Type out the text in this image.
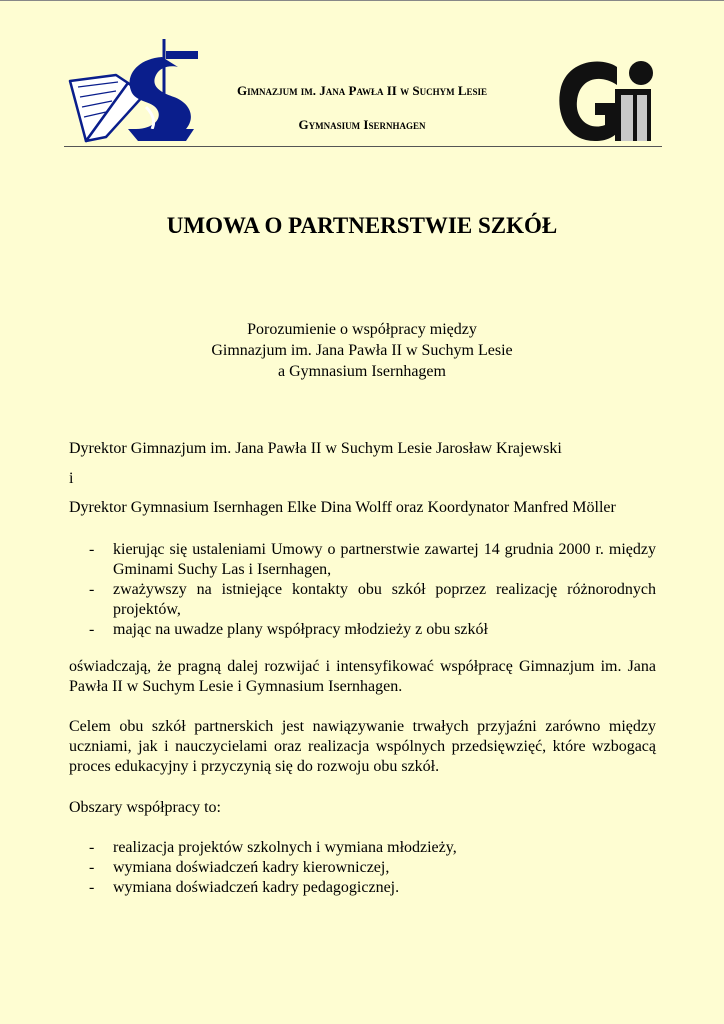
Gimnazjum im. Jana Pawła II w Suchym Lesie
Gymnasium Isernhagen
UMOWA O PARTNERSTWIE SZKÓŁ
Porozumienie o współpracy między
Gimnazjum im. Jana Pawła II w Suchym Lesie
a Gymnasium Isernhagem
Dyrektor Gimnazjum im. Jana Pawła II w Suchym Lesie Jarosław Krajewski
i
Dyrektor Gymnasium Isernhagen Elke Dina Wolff oraz Koordynator Manfred Möller
- kierując się ustaleniami Umowy o partnerstwie zawartej 14 grudnia 2000 r. między Gminami Suchy Las i Isernhagen,
- zważywszy na istniejące kontakty obu szkół poprzez realizację różnorodnych projektów,
- mając na uwadze plany współpracy młodzieży z obu szkół
oświadczają, że pragną dalej rozwijać i intensyfikować współpracę Gimnazjum im. Jana Pawła II w Suchym Lesie i Gymnasium Isernhagen.
Celem obu szkół partnerskich jest nawiązywanie trwałych przyjaźni zarówno między uczniami, jak i nauczycielami oraz realizacja wspólnych przedsięwzięć, które wzbogacą proces edukacyjny i przyczynią się do rozwoju obu szkół.
Obszary współpracy to:
- realizacja projektów szkolnych i wymiana młodzieży,
- wymiana doświadczeń kadry kierowniczej,
- wymiana doświadczeń kadry pedagogicznej.
